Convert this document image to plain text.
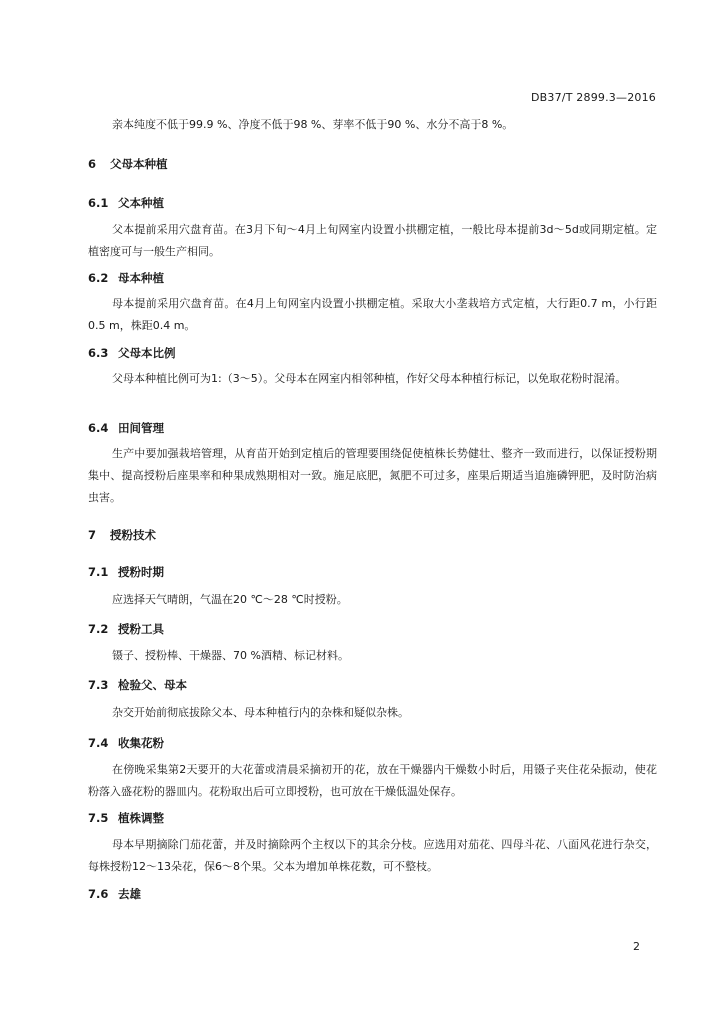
DB37/T 2899.3—2016

亲本纯度不低于99.9 %、净度不低于98 %、芽率不低于90 %、水分不高于8 %。

6 父母本种植
6.1 父本种植

父本提前采用穴盘育苗。在3月下旬～4月上旬网室内设置小拱棚定植，一般比母本提前3d～5d或同期定植。定植密度可与一般生产相同。

6.2 母本种植

母本提前采用穴盘育苗。在4月上旬网室内设置小拱棚定植。采取大小垄栽培方式定植，大行距0.7 m，小行距0.5 m，株距0.4 m。

6.3 父母本比例

父母本种植比例可为1:（3～5）。父母本在网室内相邻种植，作好父母本种植行标记，以免取花粉时混淆。

6.4 田间管理

生产中要加强栽培管理，从育苗开始到定植后的管理要围绕促使植株长势健壮、整齐一致而进行，以保证授粉期集中、提高授粉后座果率和种果成熟期相对一致。施足底肥，氮肥不可过多，座果后期适当追施磷钾肥，及时防治病虫害。

7 授粉技术
7.1 授粉时期

应选择天气晴朗，气温在20 ℃～28 ℃时授粉。

7.2 授粉工具

镊子、授粉棒、干燥器、70 %酒精、标记材料。

7.3 检验父、母本

杂交开始前彻底拔除父本、母本种植行内的杂株和疑似杂株。

7.4 收集花粉

在傍晚采集第2天要开的大花蕾或清晨采摘初开的花，放在干燥器内干燥数小时后，用镊子夹住花朵振动，使花粉落入盛花粉的器皿内。花粉取出后可立即授粉，也可放在干燥低温处保存。

7.5 植株调整

母本早期摘除门茄花蕾，并及时摘除两个主杈以下的其余分枝。应选用对茄花、四母斗花、八面风花进行杂交，每株授粉12～13朵花，保6～8个果。父本为增加单株花数，可不整枝。

7.6 去雄
2
